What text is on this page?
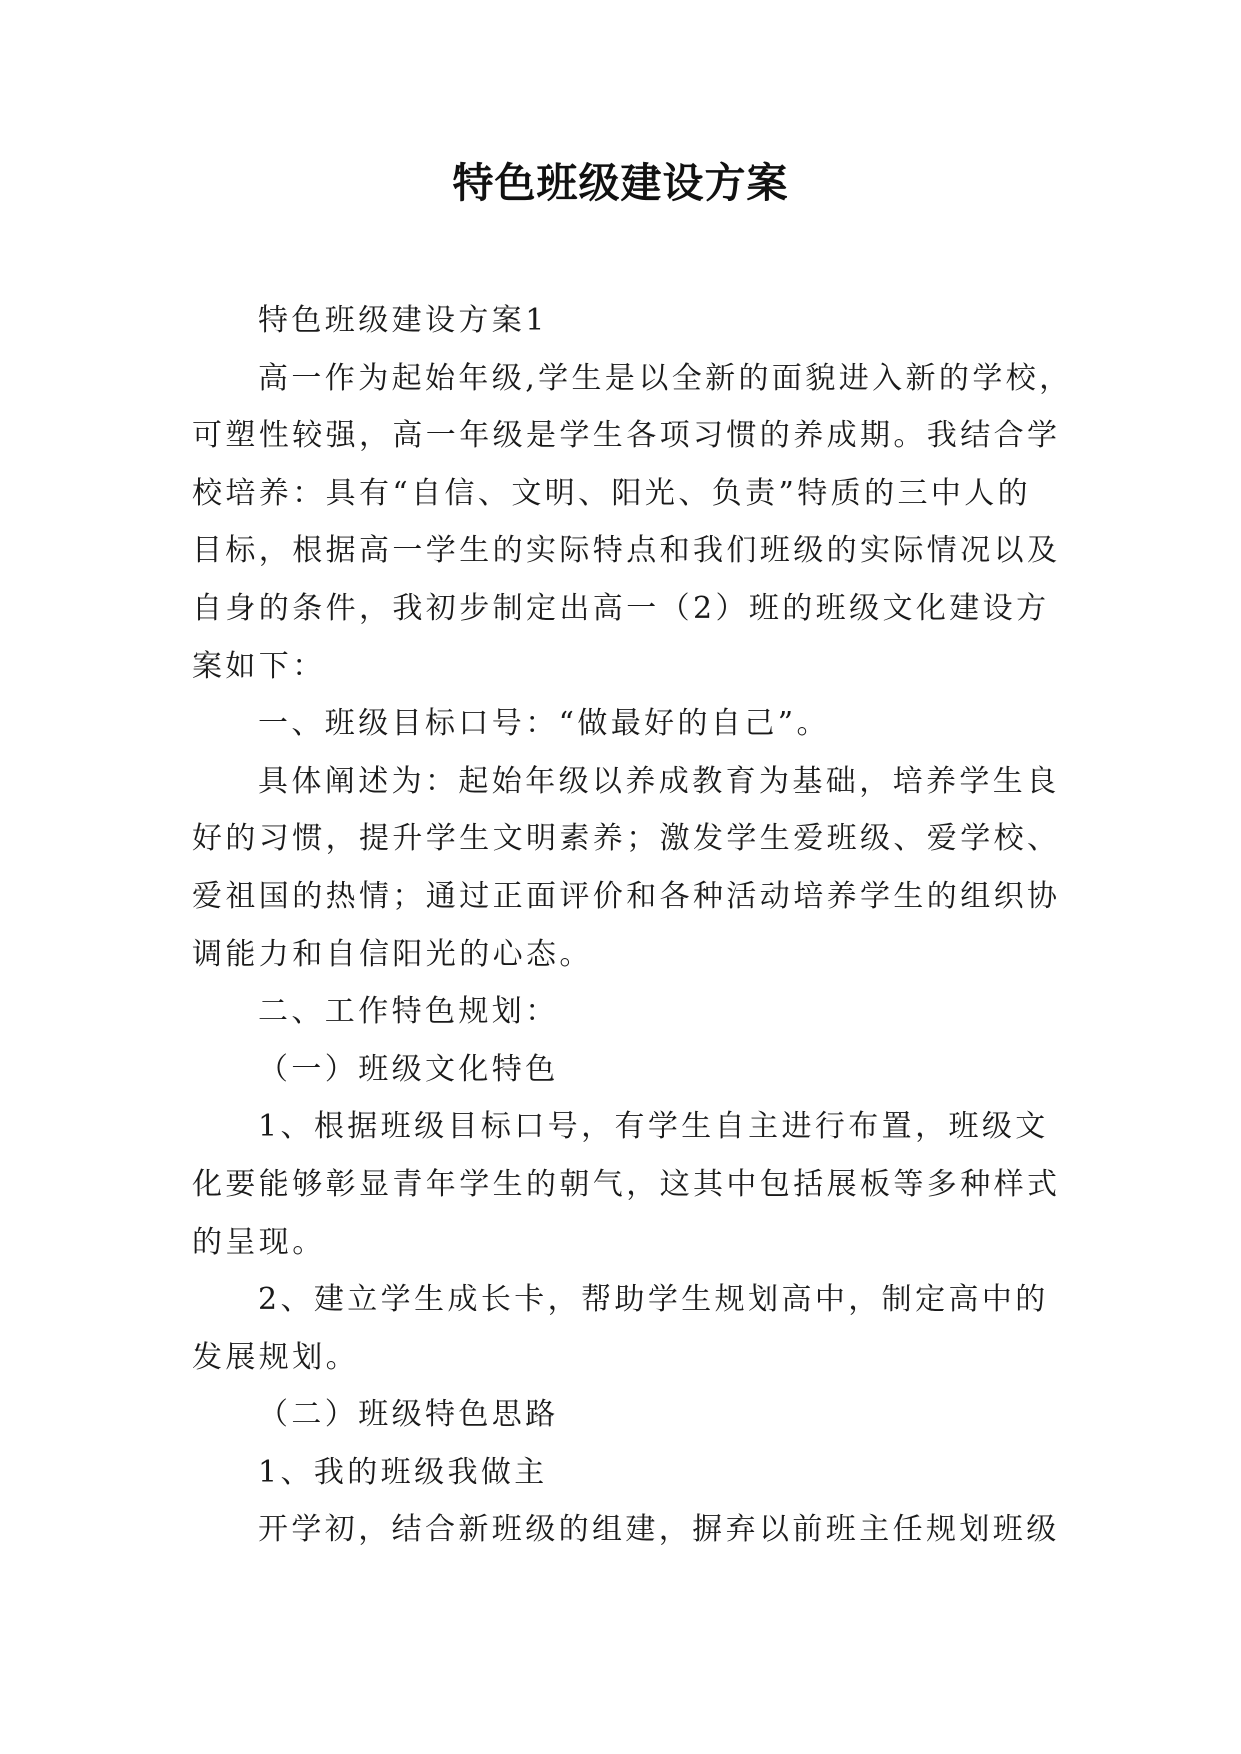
特色班级建设方案

特色班级建设方案1

高一作为起始年级,学生是以全新的面貌进入新的学校，

可塑性较强，高一年级是学生各项习惯的养成期。我结合学

校培养：具有“自信、文明、阳光、负责”特质的三中人的

目标，根据高一学生的实际特点和我们班级的实际情况以及

自身的条件，我初步制定出高一（2）班的班级文化建设方

案如下：

一、班级目标口号：“做最好的自己”。

具体阐述为：起始年级以养成教育为基础，培养学生良

好的习惯，提升学生文明素养；激发学生爱班级、爱学校、

爱祖国的热情；通过正面评价和各种活动培养学生的组织协

调能力和自信阳光的心态。

二、工作特色规划：

（一）班级文化特色

1、根据班级目标口号，有学生自主进行布置，班级文

化要能够彰显青年学生的朝气，这其中包括展板等多种样式

的呈现。

2、建立学生成长卡，帮助学生规划高中，制定高中的

发展规划。

（二）班级特色思路

1、我的班级我做主

开学初，结合新班级的组建，摒弃以前班主任规划班级
